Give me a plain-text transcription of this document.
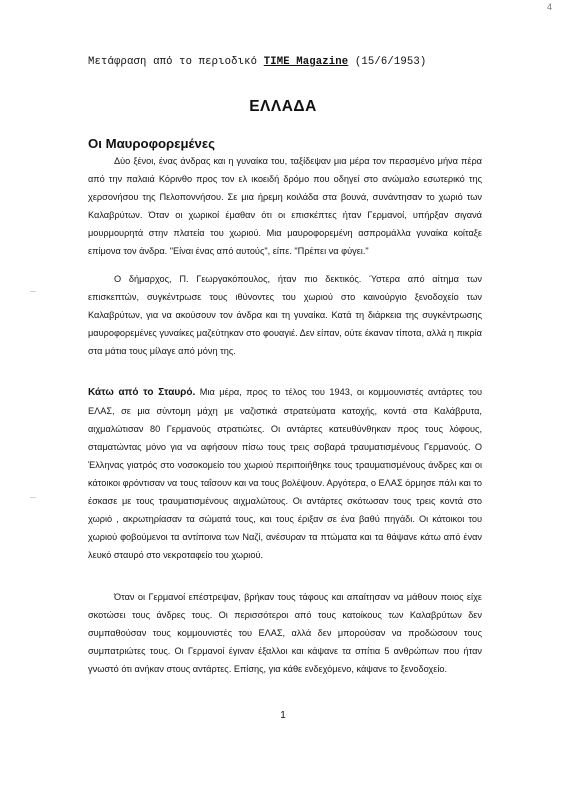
4
Μετάφραση από το περιοδικό TIME Magazine (15/6/1953)
ΕΛΛΑΔΑ
Οι Μαυροφορεμένες

Δύο ξένοι, ένας άνδρας και η γυναίκα του, ταξίδεψαν μια μέρα τον περασμένο μήνα πέρα από την παλαιά Κόρινθο προς τον ελ ικοειδή δρόμο που οδηγεί στο ανώμαλο εσωτερικό της χερσονήσου της Πελοποννήσου. Σε μια ήρεμη κοιλάδα στα βουνά, συνάντησαν το χωριό των Καλαβρύτων. Όταν οι χωρικοί έμαθαν ότι οι επισκέπτες ήταν Γερμανοί, υπήρξαν σιγανά μουρμουρητά στην πλατεία του χωριού. Μια μαυροφορεμένη ασπρομάλλα γυναίκα κοίταξε επίμονα τον άνδρα. "Είναι ένας από αυτούς", είπε. "Πρέπει να φύγει."

Ο δήμαρχος, Π. Γεωργακόπουλος, ήταν πιο δεκτικός. Ύστερα από αίτημα των επισκεπτών, συγκέντρωσε τους ιθύνοντες του χωριού στο καινούργιο ξενοδοχείο των Καλαβρύτων, για να ακούσουν τον άνδρα και τη γυναίκα. Κατά τη διάρκεια της συγκέντρωσης μαυροφορεμένες γυναίκες μαζεύτηκαν στο φουαγιέ. Δεν είπαν, ούτε έκαναν τίποτα, αλλά η πικρία στα μάτια τους μίλαγε από μόνη της.

Κάτω από το Σταυρό. Μια μέρα, προς το τέλος του 1943, οι κομμουνιστές αντάρτες του ΕΛΑΣ, σε μια σύντομη μάχη με ναζιστικά στρατεύματα κατοχής, κοντά στα Καλάβρυτα, αιχμαλώτισαν 80 Γερμανούς στρατιώτες. Οι αντάρτες κατευθύνθηκαν προς τους λόφους, σταματώντας μόνο για να αφήσουν πίσω τους τρεις σοβαρά τραυματισμένους Γερμανούς. Ο Έλληνας γιατρός στο νοσοκομείο του χωριού περιποιήθηκε τους τραυματισμένους άνδρες και οι κάτοικοι φρόντισαν να τους ταΐσουν και να τους βολέψουν. Αργότερα, ο ΕΛΑΣ όρμησε πάλι και το έσκασε με τους τραυματισμένους αιχμαλώτους. Οι αντάρτες σκότωσαν τους τρεις κοντά στο χωριό , ακρωτηρίασαν τα σώματά τους, και τους έριξαν σε ένα βαθύ πηγάδι. Οι κάτοικοι του χωριού φοβούμενοι τα αντίποινα των Ναζί, ανέσυραν τα πτώματα και τα θάψανε κάτω από έναν λευκό σταυρό στο νεκροταφείο του χωριού.

Όταν οι Γερμανοί επέστρεψαν, βρήκαν τους τάφους και απαίτησαν να μάθουν ποιος είχε σκοτώσει τους άνδρες τους. Οι περισσότεροι από τους κατοίκους των Καλαβρύτων δεν συμπαθούσαν τους κομμουνιστές του ΕΛΑΣ, αλλά δεν μπορούσαν να προδώσουν τους συμπατριώτες τους. Οι Γερμανοί έγιναν έξαλλοι και κάψανε τα σπίτια 5 ανθρώπων που ήταν γνωστό ότι ανήκαν στους αντάρτες. Επίσης, για κάθε ενδεχόμενο, κάψανε το ξενοδοχείο.

1
